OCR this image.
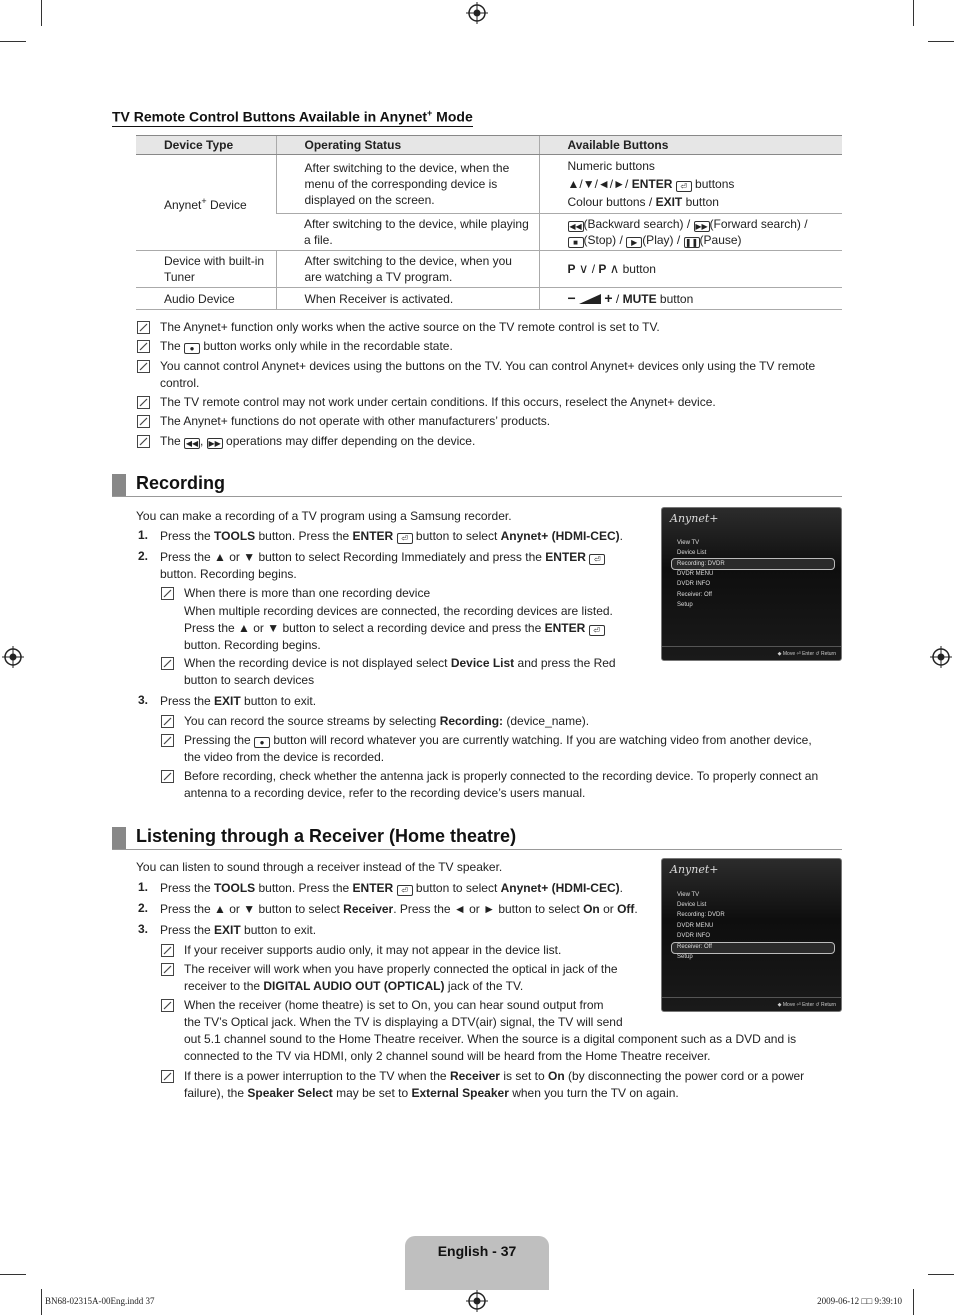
TV Remote Control Buttons Available in Anynet+ Mode
Device Type	Operating Status	Available Buttons
Anynet+ Device	After switching to the device, when the menu of the corresponding device is displayed on the screen.	Numeric buttons
▲/▼/◄/►/ ENTER ⏎ buttons
Colour buttons / EXIT button

	After switching to the device, while playing a file.	◀◀ (Backward search) / ▶▶ (Forward search) /
■ (Stop) / ▶ (Play) / ❚❚(Pause)

Device with built-in Tuner	After switching to the device, when you are watching a TV program.	P ∨ / P ∧ button
Audio Device	When Receiver is activated.	− + / MUTE button
The Anynet+ function only works when the active source on the TV remote control is set to TV.
The ● button works only while in the recordable state.
You cannot control Anynet+ devices using the buttons on the TV. You can control Anynet+ devices only using the TV remote control.
The TV remote control may not work under certain conditions. If this occurs, reselect the Anynet+ device.
The Anynet+ functions do not operate with other manufacturers’ products.
The ◀◀ , ▶▶ operations may differ depending on the device.
Recording
You can make a recording of a TV program using a Samsung recorder.
1. Press the TOOLS button. Press the ENTER ⏎ button to select Anynet+ (HDMI-CEC).
2. Press the ▲ or ▼ button to select Recording Immediately and press the ENTER ⏎
button. Recording begins.
When there is more than one recording device
When multiple recording devices are connected, the recording devices are listed.
Press the ▲ or ▼ button to select a recording device and press the ENTER ⏎
button. Recording begins.
When the recording device is not displayed select Device List and press the Red
button to search devices
3. Press the EXIT button to exit.
You can record the source streams by selecting Recording: (device_name).
Pressing the ● button will record whatever you are currently watching. If you are watching video from another device,
the video from the device is recorded.
Before recording, check whether the antenna jack is properly connected to the recording device. To properly connect an
antenna to a recording device, refer to the recording device’s users manual.
Anynet+
View TV
Device List
Recording: DVDR
DVDR MENU
DVDR INFO
Receiver: Off
Setup
◆ Move ⏎ Enter ↺ Return
Listening through a Receiver (Home theatre)
You can listen to sound through a receiver instead of the TV speaker.
1. Press the TOOLS button. Press the ENTER ⏎ button to select Anynet+ (HDMI-CEC).
2. Press the ▲ or ▼ button to select Receiver. Press the ◄ or ► button to select On or Off.
3. Press the EXIT button to exit.
If your receiver supports audio only, it may not appear in the device list.
The receiver will work when you have properly connected the optical in jack of the
receiver to the DIGITAL AUDIO OUT (OPTICAL) jack of the TV.
When the receiver (home theatre) is set to On, you can hear sound output from
the TV’s Optical jack. When the TV is displaying a DTV(air) signal, the TV will send
out 5.1 channel sound to the Home Theatre receiver. When the source is a digital component such as a DVD and is
connected to the TV via HDMI, only 2 channel sound will be heard from the Home Theatre receiver.
If there is a power interruption to the TV when the Receiver is set to On (by disconnecting the power cord or a power
failure), the Speaker Select may be set to External Speaker when you turn the TV on again.
Anynet+
View TV
Device List
Recording: DVDR
DVDR MENU
DVDR INFO
Receiver: Off
Setup
◆ Move ⏎ Enter ↺ Return
English - 37
BN68-02315A-00Eng.indd 37	2009-06-12 □□ 9:39:10
